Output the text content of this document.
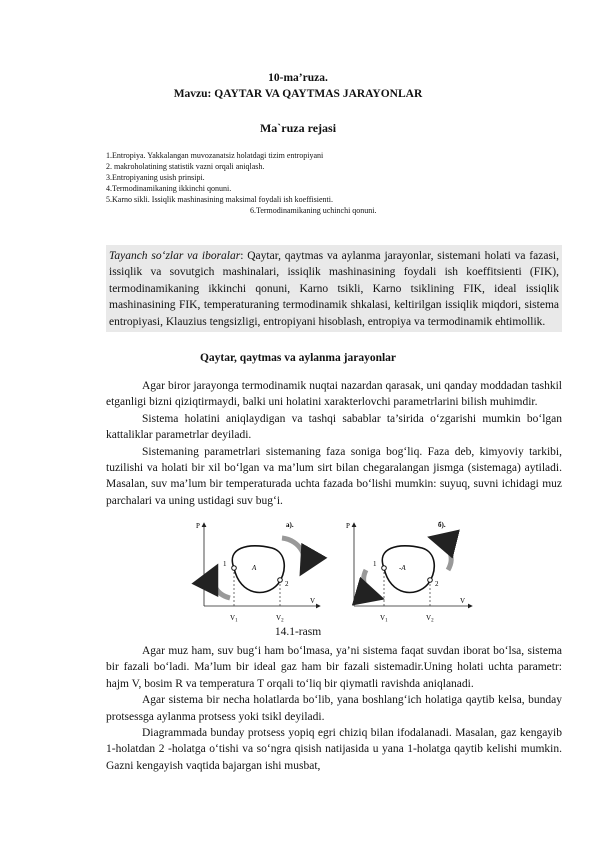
10-ma’ruza.
Mavzu: QAYTAR VA QAYTMAS JARAYONLAR
Ma`ruza rejasi
1.Entropiya. Yakkalangan muvozanatsiz holatdagi tizim entropiyani
2. makroholatining statistik vazni orqali aniqlash.
3.Entropiyaning usish prinsipi.
4.Termodinamikaning ikkinchi qonuni.
5.Karno sikli. Issiqlik mashinasining maksimal foydali ish koeffisienti.
6.Termodinamikaning uchinchi qonuni.
Tayanch so‘zlar va iboralar: Qaytar, qaytmas va aylanma jarayonlar, sistemani holati va fazasi, issiqlik va sovutgich mashinalari, issiqlik mashinasining foydali ish koeffitsienti (FIK), termodinamikaning ikkinchi qonuni, Karno tsikli, Karno tsiklining FIK, ideal issiqlik mashinasining FIK, temperaturaning termodinamik shkalasi, keltirilgan issiqlik miqdori, sistema entropiyasi, Klauzius tengsizligi, entropiyani hisoblash, entropiya va termodinamik ehtimollik.
Qaytar, qaytmas va aylanma jarayonlar

Agar biror jarayonga termodinamik nuqtai nazardan qarasak, uni qanday moddadan tashkil etganligi bizni qiziqtirmaydi, balki uni holatini xarakterlovchi parametrlarini bilish muhimdir.

Sistema holatini aniqlaydigan va tashqi sabablar ta’sirida o‘zgarishi mumkin bo‘lgan kattaliklar parametrlar deyiladi.

Sistemaning parametrlari sistemaning faza soniga bog‘liq. Faza deb, kimyoviy tarkibi, tuzilishi va holati bir xil bo‘lgan va ma’lum sirt bilan chegaralangan jismga (sistemaga) aytiladi. Masalan, suv ma’lum bir temperaturada uchta fazada bo‘lishi mumkin: suyuq, suvni ichidagi muz parchalari va uning ustidagi suv bug‘i.

P
V
a).
1
2
A
$V_1$	$V_2$
P
V
б).
1
2
-A
$V_1$	$V_2$
14.1-rasm

Agar muz ham, suv bug‘i ham bo‘lmasa, ya’ni sistema faqat suvdan iborat bo‘lsa, sistema bir fazali bo‘ladi. Ma’lum bir ideal gaz ham bir fazali sistemadir.Uning holati uchta parametr: hajm V, bosim R va temperatura T orqali to‘liq bir qiymatli ravishda aniqlanadi.

Agar sistema bir necha holatlarda bo‘lib, yana boshlang‘ich holatiga qaytib kelsa, bunday protsessga aylanma protsess yoki tsikl deyiladi.

Diagrammada bunday protsess yopiq egri chiziq bilan ifodalanadi. Masalan, gaz kengayib 1-holatdan 2 -holatga o‘tishi va so‘ngra qisish natijasida u yana 1-holatga qaytib kelishi mumkin. Gazni kengayish vaqtida bajargan ishi musbat,
